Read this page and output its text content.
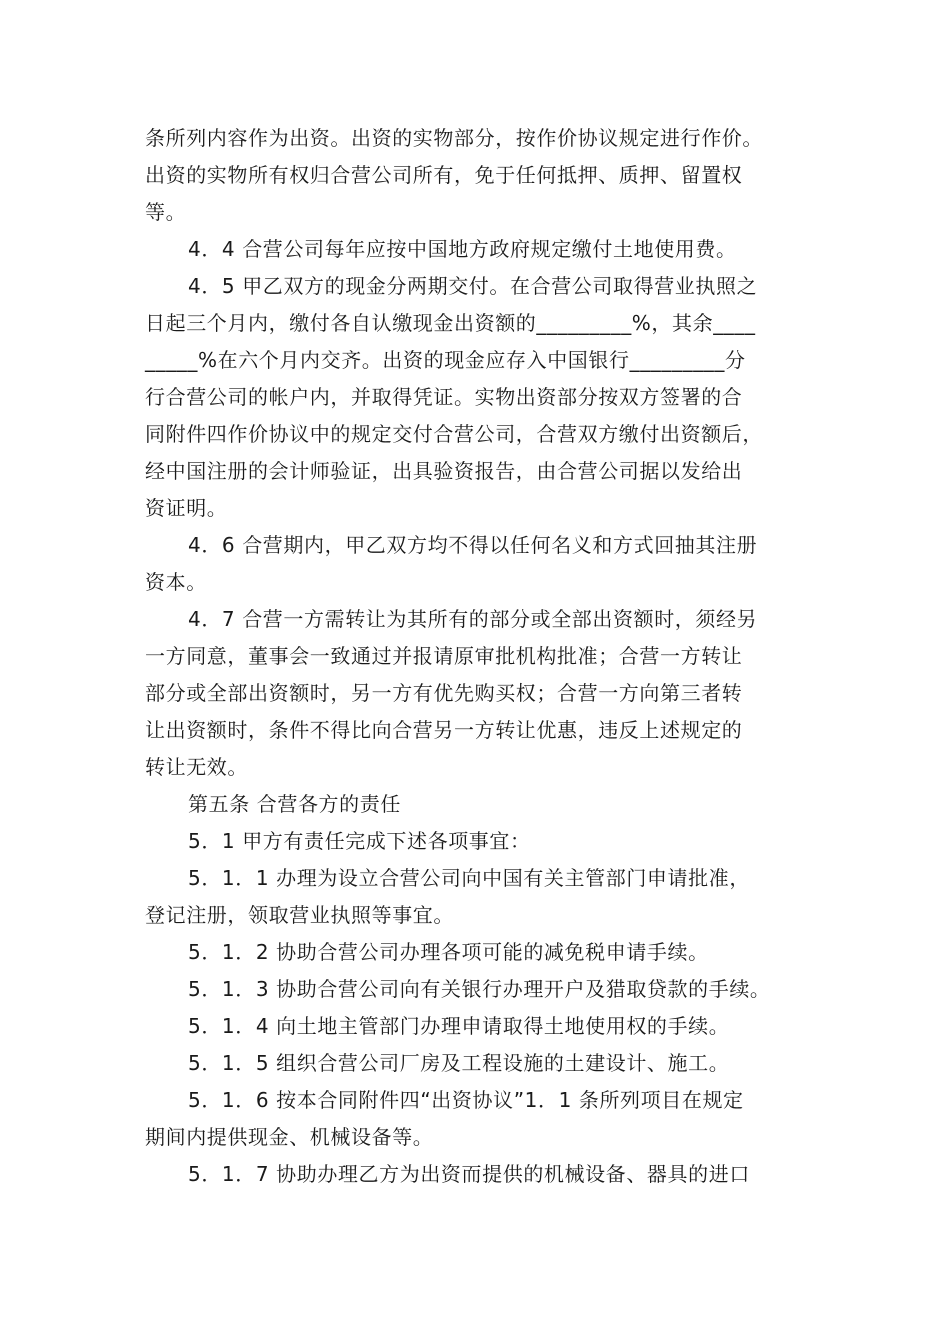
条所列内容作为出资。出资的实物部分，按作价协议规定进行作价。
出资的实物所有权归合营公司所有，免于任何抵押、质押、留置权
等。
4．4 合营公司每年应按中国地方政府规定缴付土地使用费。
4．5 甲乙双方的现金分两期交付。在合营公司取得营业执照之
日起三个月内，缴付各自认缴现金出资额的_________%，其余____
_____%在六个月内交齐。出资的现金应存入中国银行_________分
行合营公司的帐户内，并取得凭证。实物出资部分按双方签署的合
同附件四作价协议中的规定交付合营公司，合营双方缴付出资额后，
经中国注册的会计师验证，出具验资报告，由合营公司据以发给出
资证明。
4．6 合营期内，甲乙双方均不得以任何名义和方式回抽其注册
资本。
4．7 合营一方需转让为其所有的部分或全部出资额时，须经另
一方同意，董事会一致通过并报请原审批机构批准；合营一方转让
部分或全部出资额时，另一方有优先购买权；合营一方向第三者转
让出资额时，条件不得比向合营另一方转让优惠，违反上述规定的
转让无效。
第五条 合营各方的责任
5．1 甲方有责任完成下述各项事宜：
5．1．1 办理为设立合营公司向中国有关主管部门申请批准，
登记注册，领取营业执照等事宜。
5．1．2 协助合营公司办理各项可能的减免税申请手续。
5．1．3 协助合营公司向有关银行办理开户及猎取贷款的手续。
5．1．4 向土地主管部门办理申请取得土地使用权的手续。
5．1．5 组织合营公司厂房及工程设施的土建设计、施工。
5．1．6 按本合同附件四“出资协议”1．1 条所列项目在规定
期间内提供现金、机械设备等。
5．1．7 协助办理乙方为出资而提供的机械设备、器具的进口
